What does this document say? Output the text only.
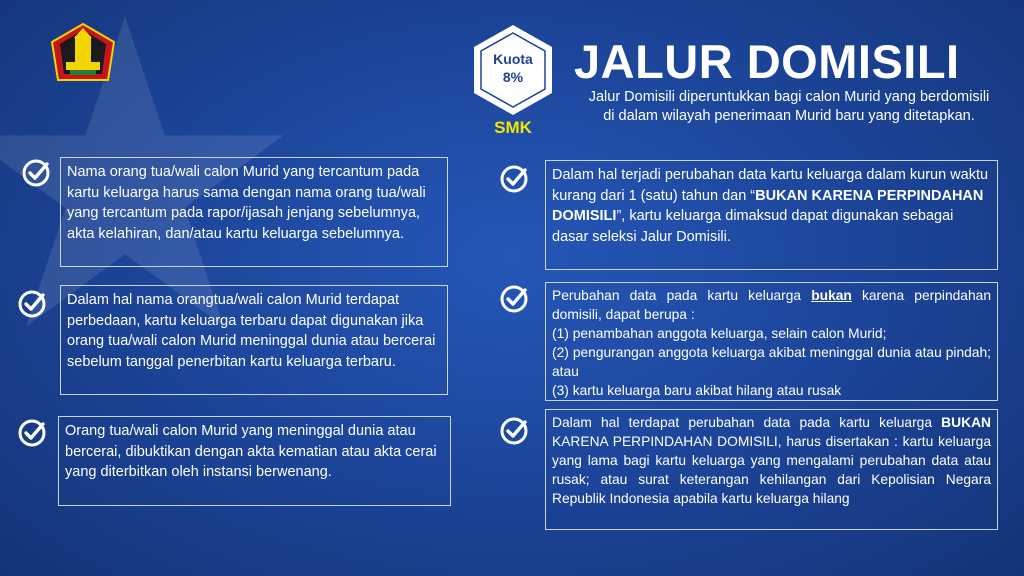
Kuota
8%
SMK
JALUR DOMISILI
Jalur Domisili diperuntukkan bagi calon Murid yang berdomisili di dalam wilayah penerimaan Murid baru yang ditetapkan.
Nama orang tua/wali calon Murid yang tercantum pada kartu keluarga harus sama dengan nama orang tua/wali yang tercantum pada rapor/ijasah jenjang sebelumnya, akta kelahiran, dan/atau kartu keluarga sebelumnya.
Dalam hal nama orangtua/wali calon Murid terdapat perbedaan, kartu keluarga terbaru dapat digunakan jika orang tua/wali calon Murid meninggal dunia atau bercerai sebelum tanggal penerbitan kartu keluarga terbaru.
Orang tua/wali calon Murid yang meninggal dunia atau bercerai, dibuktikan dengan akta kematian atau akta cerai yang diterbitkan oleh instansi berwenang.
Dalam hal terjadi perubahan data kartu keluarga dalam kurun waktu kurang dari 1 (satu) tahun dan “BUKAN KARENA PERPINDAHAN DOMISILI”, kartu keluarga dimaksud dapat digunakan sebagai dasar seleksi Jalur Domisili.
Perubahan data pada kartu keluarga bukan karena perpindahan domisili, dapat berupa :
(1) penambahan anggota keluarga, selain calon Murid;
(2) pengurangan anggota keluarga akibat meninggal dunia atau pindah; atau
(3) kartu keluarga baru akibat hilang atau rusak
Dalam hal terdapat perubahan data pada kartu keluarga BUKAN KARENA PERPINDAHAN DOMISILI, harus disertakan : kartu keluarga yang lama bagi kartu keluarga yang mengalami perubahan data atau rusak; atau surat keterangan kehilangan dari Kepolisian Negara Republik Indonesia apabila kartu keluarga hilang
